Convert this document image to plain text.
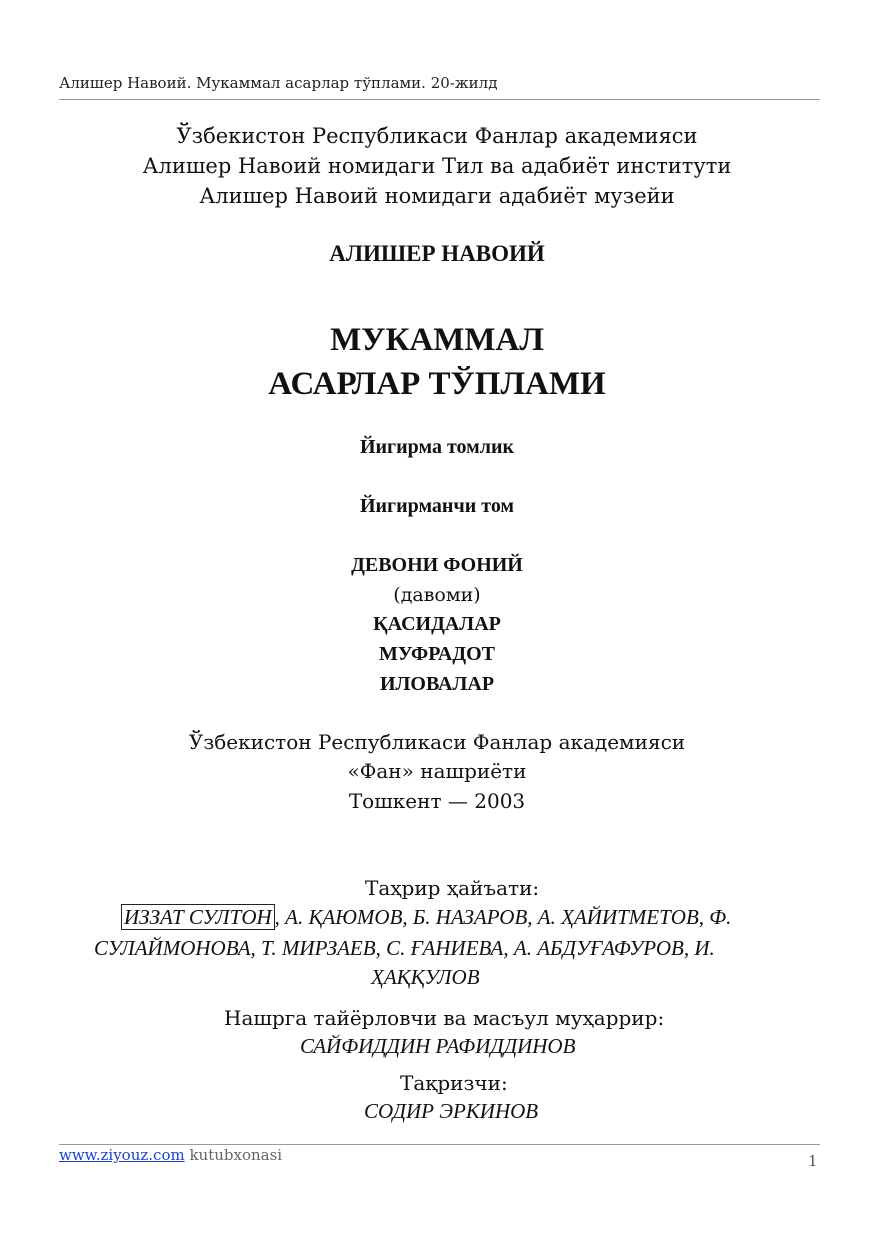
Алишер Навоий. Мукаммал асарлар тўплами. 20-жилд
Ўзбекистон Республикаси Фанлар академияси
Алишер Навоий номидаги Тил ва адабиёт институти
Алишер Навоий номидаги адабиёт музейи
АЛИШЕР НАВОИЙ
МУКАММАЛ
АСАРЛАР ТЎПЛАМИ
Йигирма томлик
Йигирманчи том
ДЕВОНИ ФОНИЙ
(давоми)
ҚАСИДАЛАР
МУФРАДОТ
ИЛОВАЛАР
Ўзбекистон Республикаси Фанлар академияси
«Фан» нашриёти
Тошкент — 2003
Таҳрир ҳайъати:
ИЗЗАТ СУЛТОН , А. ҚАЮМОВ, Б. НАЗАРОВ, А. ҲАЙИТМЕТОВ, Ф.
СУЛАЙМОНОВА, Т. МИРЗАЕВ, С. ҒАНИЕВА, А. АБДУҒАФУРОВ, И.
ҲАҚҚУЛОВ
Нашрга тайёрловчи ва масъул муҳаррир:
САЙФИДДИН РАФИДДИНОВ
Тақризчи:
СОДИР ЭРКИНОВ
www.ziyouz.com kutubxonasi	1
